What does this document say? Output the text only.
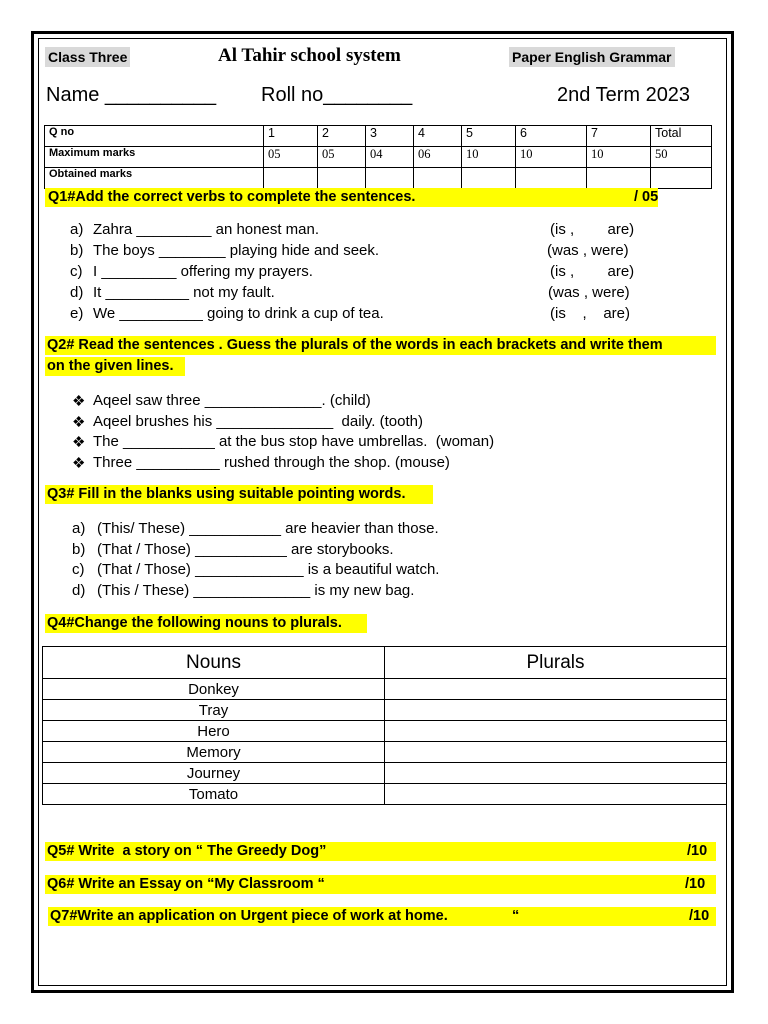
Class Three	Al Tahir school system	Paper English Grammar
Name __________ Roll no________	2nd Term 2023
Q no	1	2	3	4	5	6	7	Total
Maximum marks	05	05	04	06	10	10	10	50
Obtained marks								

Q1#Add the correct verbs to complete the sentences.

	/ 05

a) Zahra _________ an honest man.	(is ,        are)
b) The boys ________ playing hide and seek.	(was , were)
c) I _________ offering my prayers.	(is ,        are)
d) It __________ not my fault.	(was , were)
e) We __________ going to drink a cup of tea.	(is    ,    are)

Q2# Read the sentences . Guess the plurals of the words in each brackets and write them

on the given lines.

❖ Aqeel saw three ______________. (child)
❖ Aqeel brushes his ______________  daily. (tooth)
❖ The ___________ at the bus stop have umbrellas.  (woman)
❖ Three __________ rushed through the shop. (mouse)

Q3# Fill in the blanks using suitable pointing words.

a) (This/ These) ___________ are heavier than those.
b) (That / Those) ___________ are storybooks.
c) (That / Those) _____________ is a beautiful watch.
d) (This / These) ______________ is my new bag.

Q4#Change the following nouns to plurals.

Nouns	Plurals
Donkey	
Tray	
Hero	
Memory	
Journey	
Tomato	

Q5# Write  a story on “ The Greedy Dog”

	/10

Q6# Write an Essay on “My Classroom “

	/10

Q7#Write an application on Urgent piece of work at home.

	“

	/10
